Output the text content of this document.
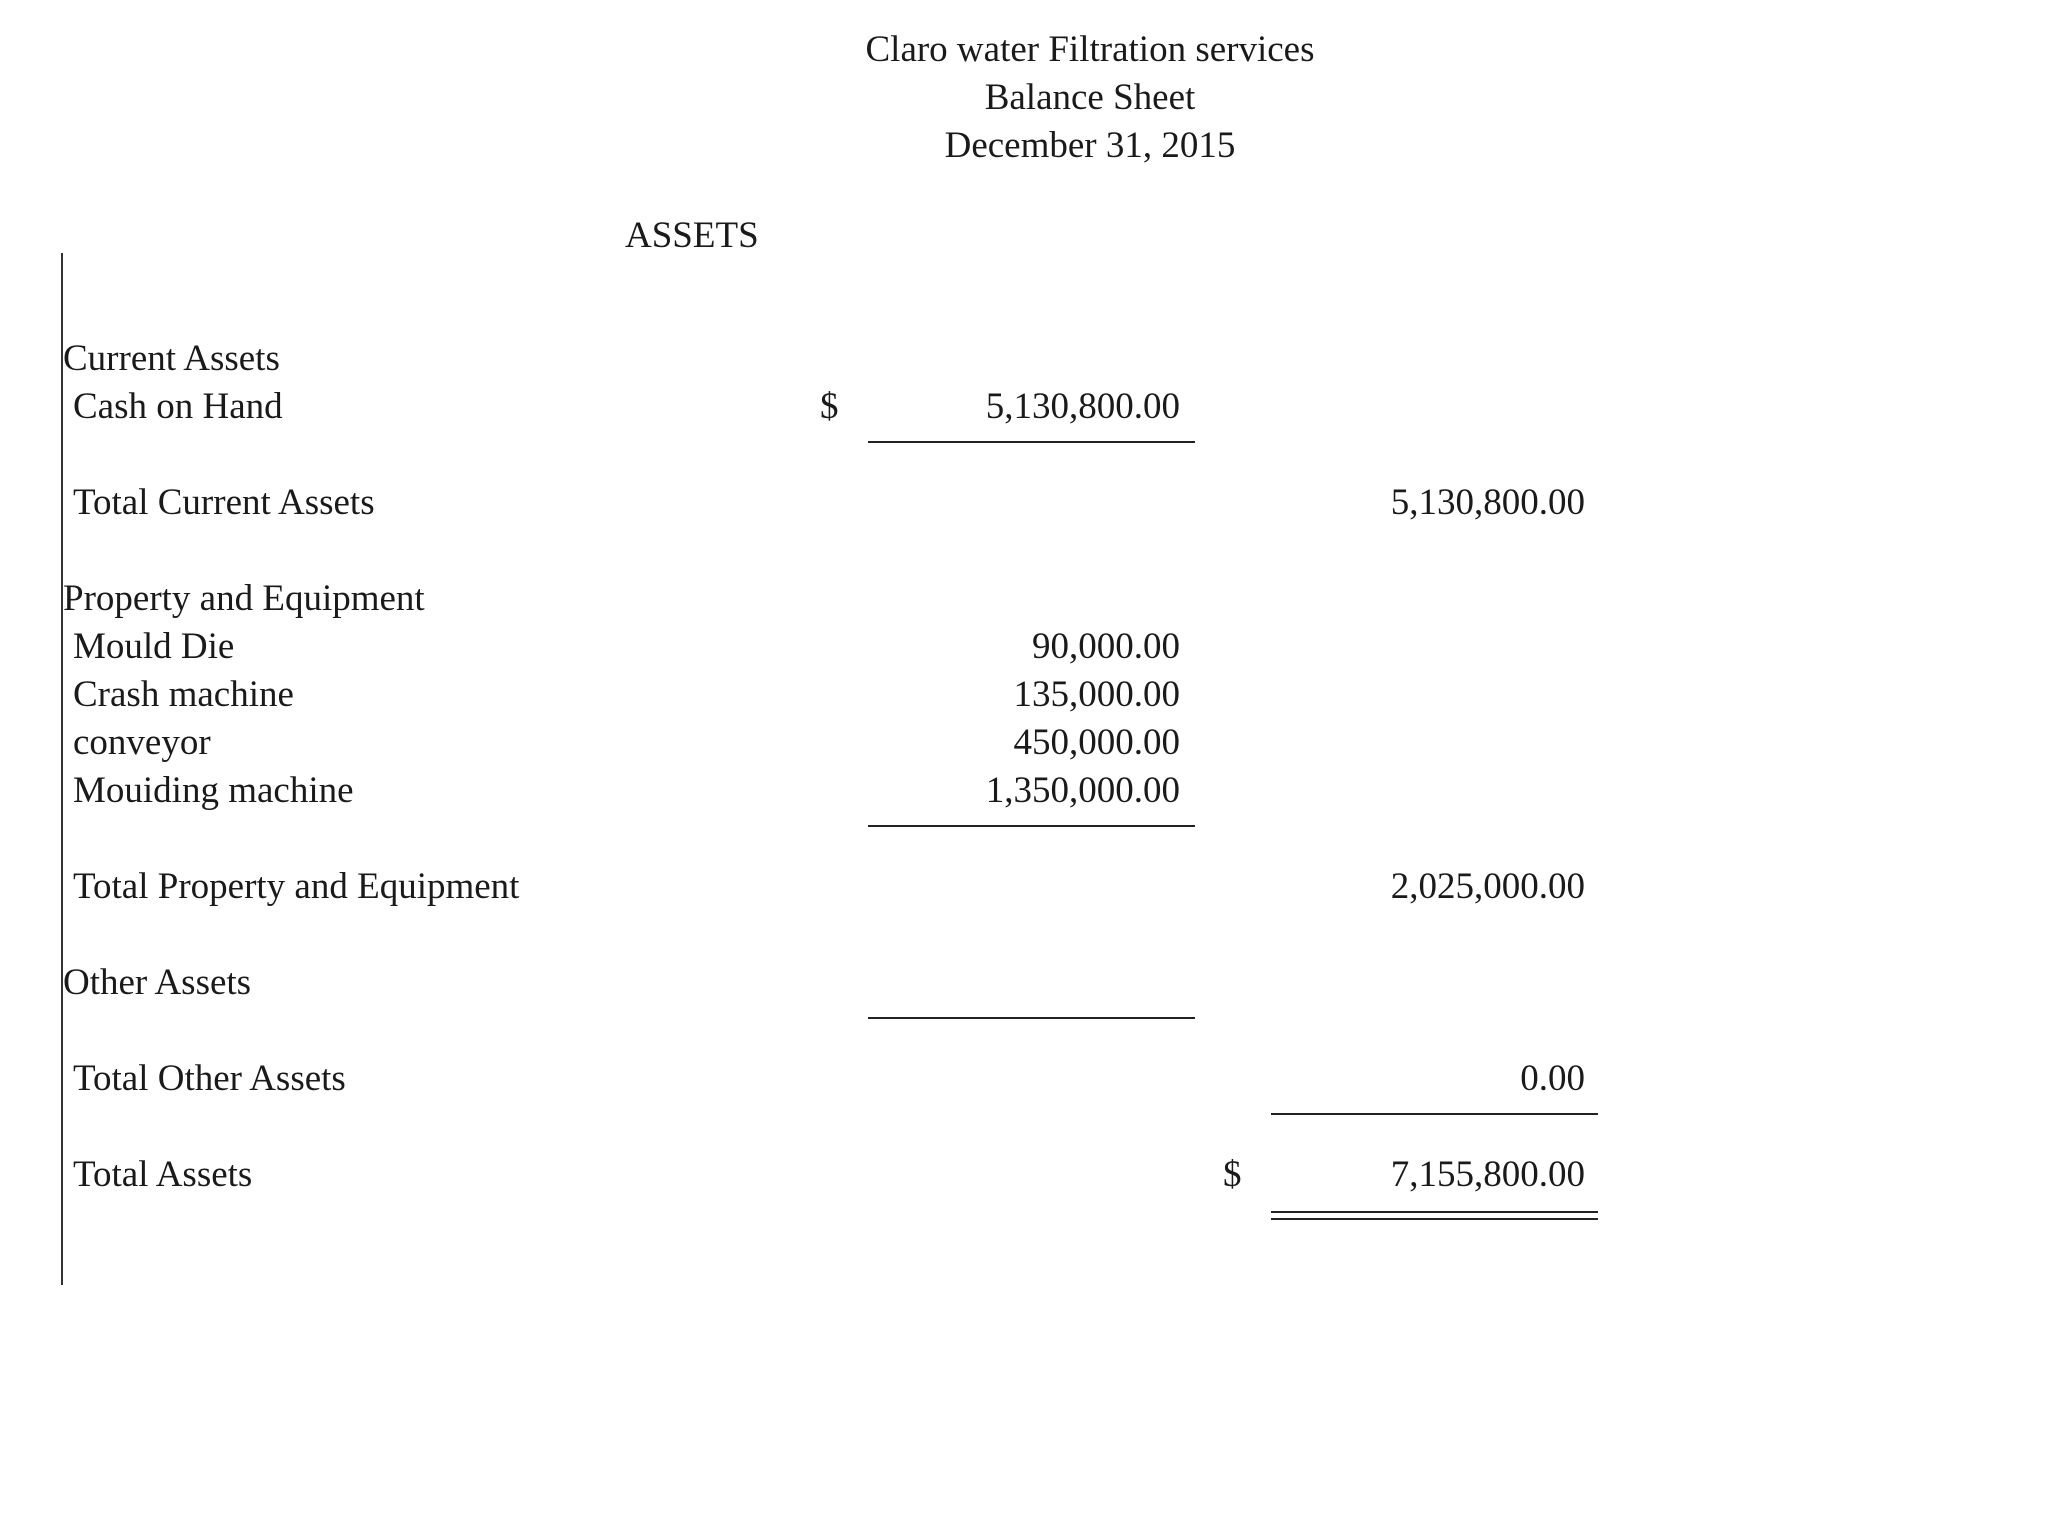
Claro water Filtration services
Balance Sheet
December 31, 2015
ASSETS
Current Assets
Cash on Hand	$	5,130,800.00
Total Current Assets	5,130,800.00
Property and Equipment
Mould Die	90,000.00
Crash machine	135,000.00
conveyor	450,000.00
Mouiding machine	1,350,000.00
Total Property and Equipment	2,025,000.00
Other Assets
Total Other Assets	0.00
Total Assets	$	7,155,800.00
